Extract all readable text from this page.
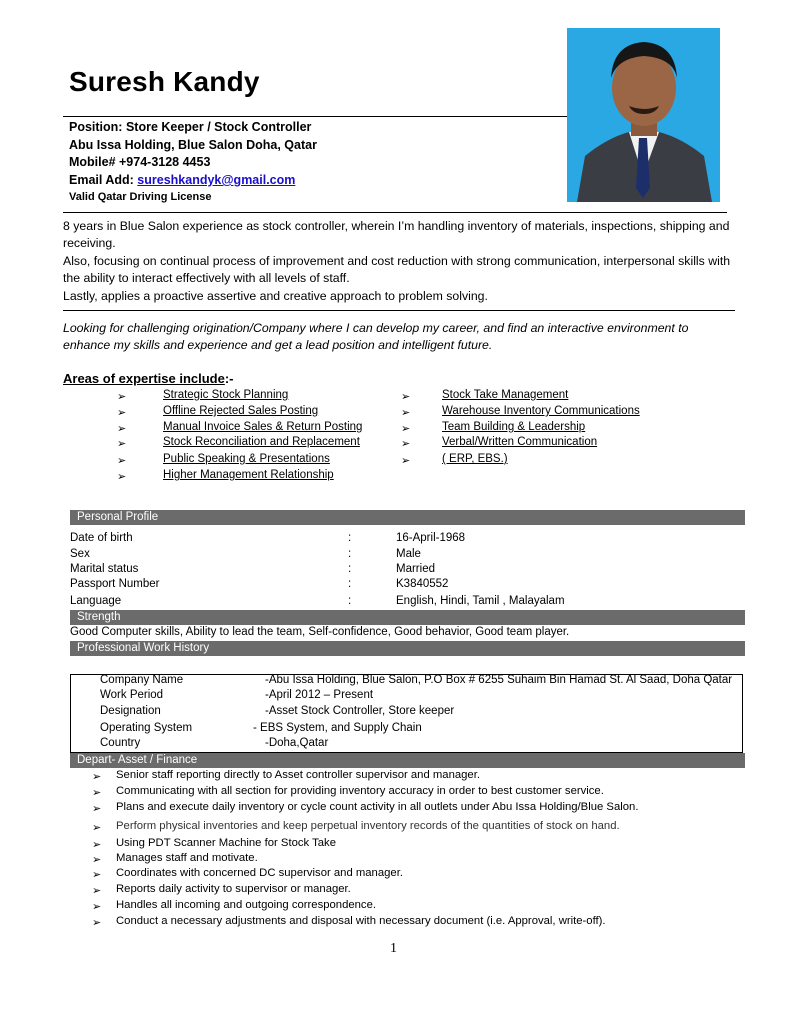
Suresh Kandy
Position: Store Keeper / Stock Controller
Abu Issa Holding, Blue Salon Doha, Qatar
Mobile# +974-3128 4453
Email Add: sureshkandyk@gmail.com
Valid Qatar Driving License
8 years in Blue Salon experience as stock controller, wherein I’m handling inventory of materials, inspections, shipping and receiving.
Also, focusing on continual process of improvement and cost reduction with strong communication, interpersonal skills with the ability to interact effectively with all levels of staff.
Lastly, applies a proactive assertive and creative approach to problem solving.
Looking for challenging origination/Company where I can develop my career, and find an interactive environment to enhance my skills and experience and get a lead position and intelligent future.
Areas of expertise include:-
➢	Strategic Stock Planning
➢	Offline Rejected Sales Posting
➢	Manual Invoice Sales & Return Posting
➢	Stock Reconciliation and Replacement
➢	Public Speaking & Presentations
➢	Higher Management Relationship
➢	Stock Take Management
➢	Warehouse Inventory Communications
➢	Team Building & Leadership
➢	Verbal/Written Communication
➢	( ERP, EBS.)
Personal Profile
Date of birth	:	16-April-1968
Sex	:	Male
Marital status	:	Married
Passport Number	:	K3840552
Language	:	English, Hindi, Tamil , Malayalam
Strength
Good Computer skills, Ability to lead the team, Self-confidence, Good behavior, Good team player.
Professional Work History
Company Name	-Abu Issa Holding, Blue Salon, P.O Box # 6255 Suhaim Bin Hamad St. Al Saad, Doha Qatar
Work Period	-April 2012 – Present
Designation	-Asset Stock Controller, Store keeper
Operating System	- EBS System, and Supply Chain
Country	-Doha,Qatar
Depart- Asset / Finance
➢ Senior staff reporting directly to Asset controller supervisor and manager.
➢ Communicating with all section for providing inventory accuracy in order to best customer service.
➢ Plans and execute daily inventory or cycle count activity in all outlets under Abu Issa Holding/Blue Salon.
➢ Perform physical inventories and keep perpetual inventory records of the quantities of stock on hand.
➢ Using PDT Scanner Machine for Stock Take
➢ Manages staff and motivate.
➢ Coordinates with concerned DC supervisor and manager.
➢ Reports daily activity to supervisor or manager.
➢ Handles all incoming and outgoing correspondence.
➢ Conduct a necessary adjustments and disposal with necessary document (i.e. Approval, write-off).
1
